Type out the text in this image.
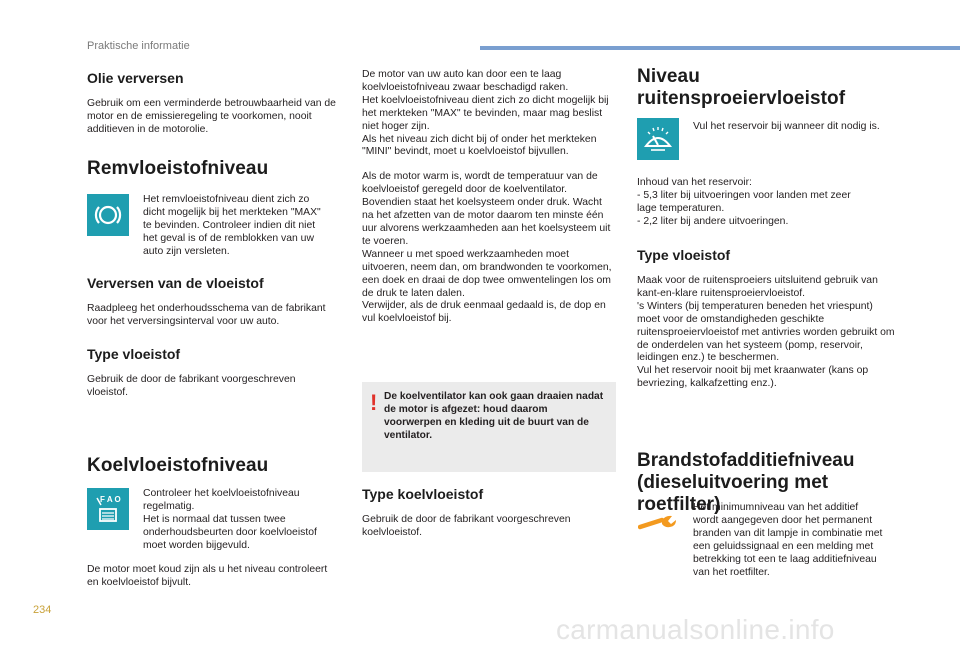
Praktische informatie
Olie verversen

Gebruik om een verminderde betrouwbaarheid van de motor en de emissieregeling te voorkomen, nooit additieven in de motorolie.

Remvloeistofniveau

Het remvloeistofniveau dient zich zo dicht mogelijk bij het merkteken "MAX" te bevinden. Controleer indien dit niet het geval is of de remblokken van uw auto zijn versleten.

Verversen van de vloeistof

Raadpleeg het onderhoudsschema van de fabrikant voor het verversingsinterval voor uw auto.

Type vloeistof

Gebruik de door de fabrikant voorgeschreven vloeistof.

Koelvloeistofniveau
F A O

Controleer het koelvloeistofniveau regelmatig.
Het is normaal dat tussen twee onderhoudsbeurten door koelvloeistof moet worden bijgevuld.

De motor moet koud zijn als u het niveau controleert en koelvloeistof bijvult.

De motor van uw auto kan door een te laag koelvloeistofniveau zwaar beschadigd raken.
Het koelvloeistofniveau dient zich zo dicht mogelijk bij het merkteken "MAX" te bevinden, maar mag beslist niet hoger zijn.
Als het niveau zich dicht bij of onder het merkteken "MINI" bevindt, moet u koelvloeistof bijvullen.

Als de motor warm is, wordt de temperatuur van de koelvloeistof geregeld door de koelventilator. Bovendien staat het koelsysteem onder druk. Wacht na het afzetten van de motor daarom ten minste één uur alvorens werkzaamheden aan het koelsysteem uit te voeren.
Wanneer u met spoed werkzaamheden moet uitvoeren, neem dan, om brandwonden te voorkomen, een doek en draai de dop twee omwentelingen los om de druk te laten dalen.
Verwijder, als de druk eenmaal gedaald is, de dop en vul koelvloeistof bij.

! De koelventilator kan ook gaan draaien nadat de motor is afgezet: houd daarom voorwerpen en kleding uit de buurt van de ventilator.

Type koelvloeistof

Gebruik de door de fabrikant voorgeschreven koelvloeistof.

Niveau ruitensproeiervloeistof

Vul het reservoir bij wanneer dit nodig is.

Inhoud van het reservoir:
- 5,3 liter bij uitvoeringen voor landen met zeer
lage temperaturen.
- 2,2 liter bij andere uitvoeringen.

Type vloeistof

Maak voor de ruitensproeiers uitsluitend gebruik van kant-en-klare ruitensproeiervloeistof.
's Winters (bij temperaturen beneden het vriespunt) moet voor de omstandigheden geschikte ruitensproeiervloeistof met antivries worden gebruikt om de onderdelen van het systeem (pomp, reservoir, leidingen enz.) te beschermen.
Vul het reservoir nooit bij met kraanwater (kans op bevriezing, kalkafzetting enz.).

Brandstofadditiefniveau
(dieseluitvoering met roetfilter)

Het minimumniveau van het additief wordt aangegeven door het permanent branden van dit lampje in combinatie met een geluidssignaal en een melding met betrekking tot een te laag additiefniveau van het roetfilter.

234
carmanualsonline.info
